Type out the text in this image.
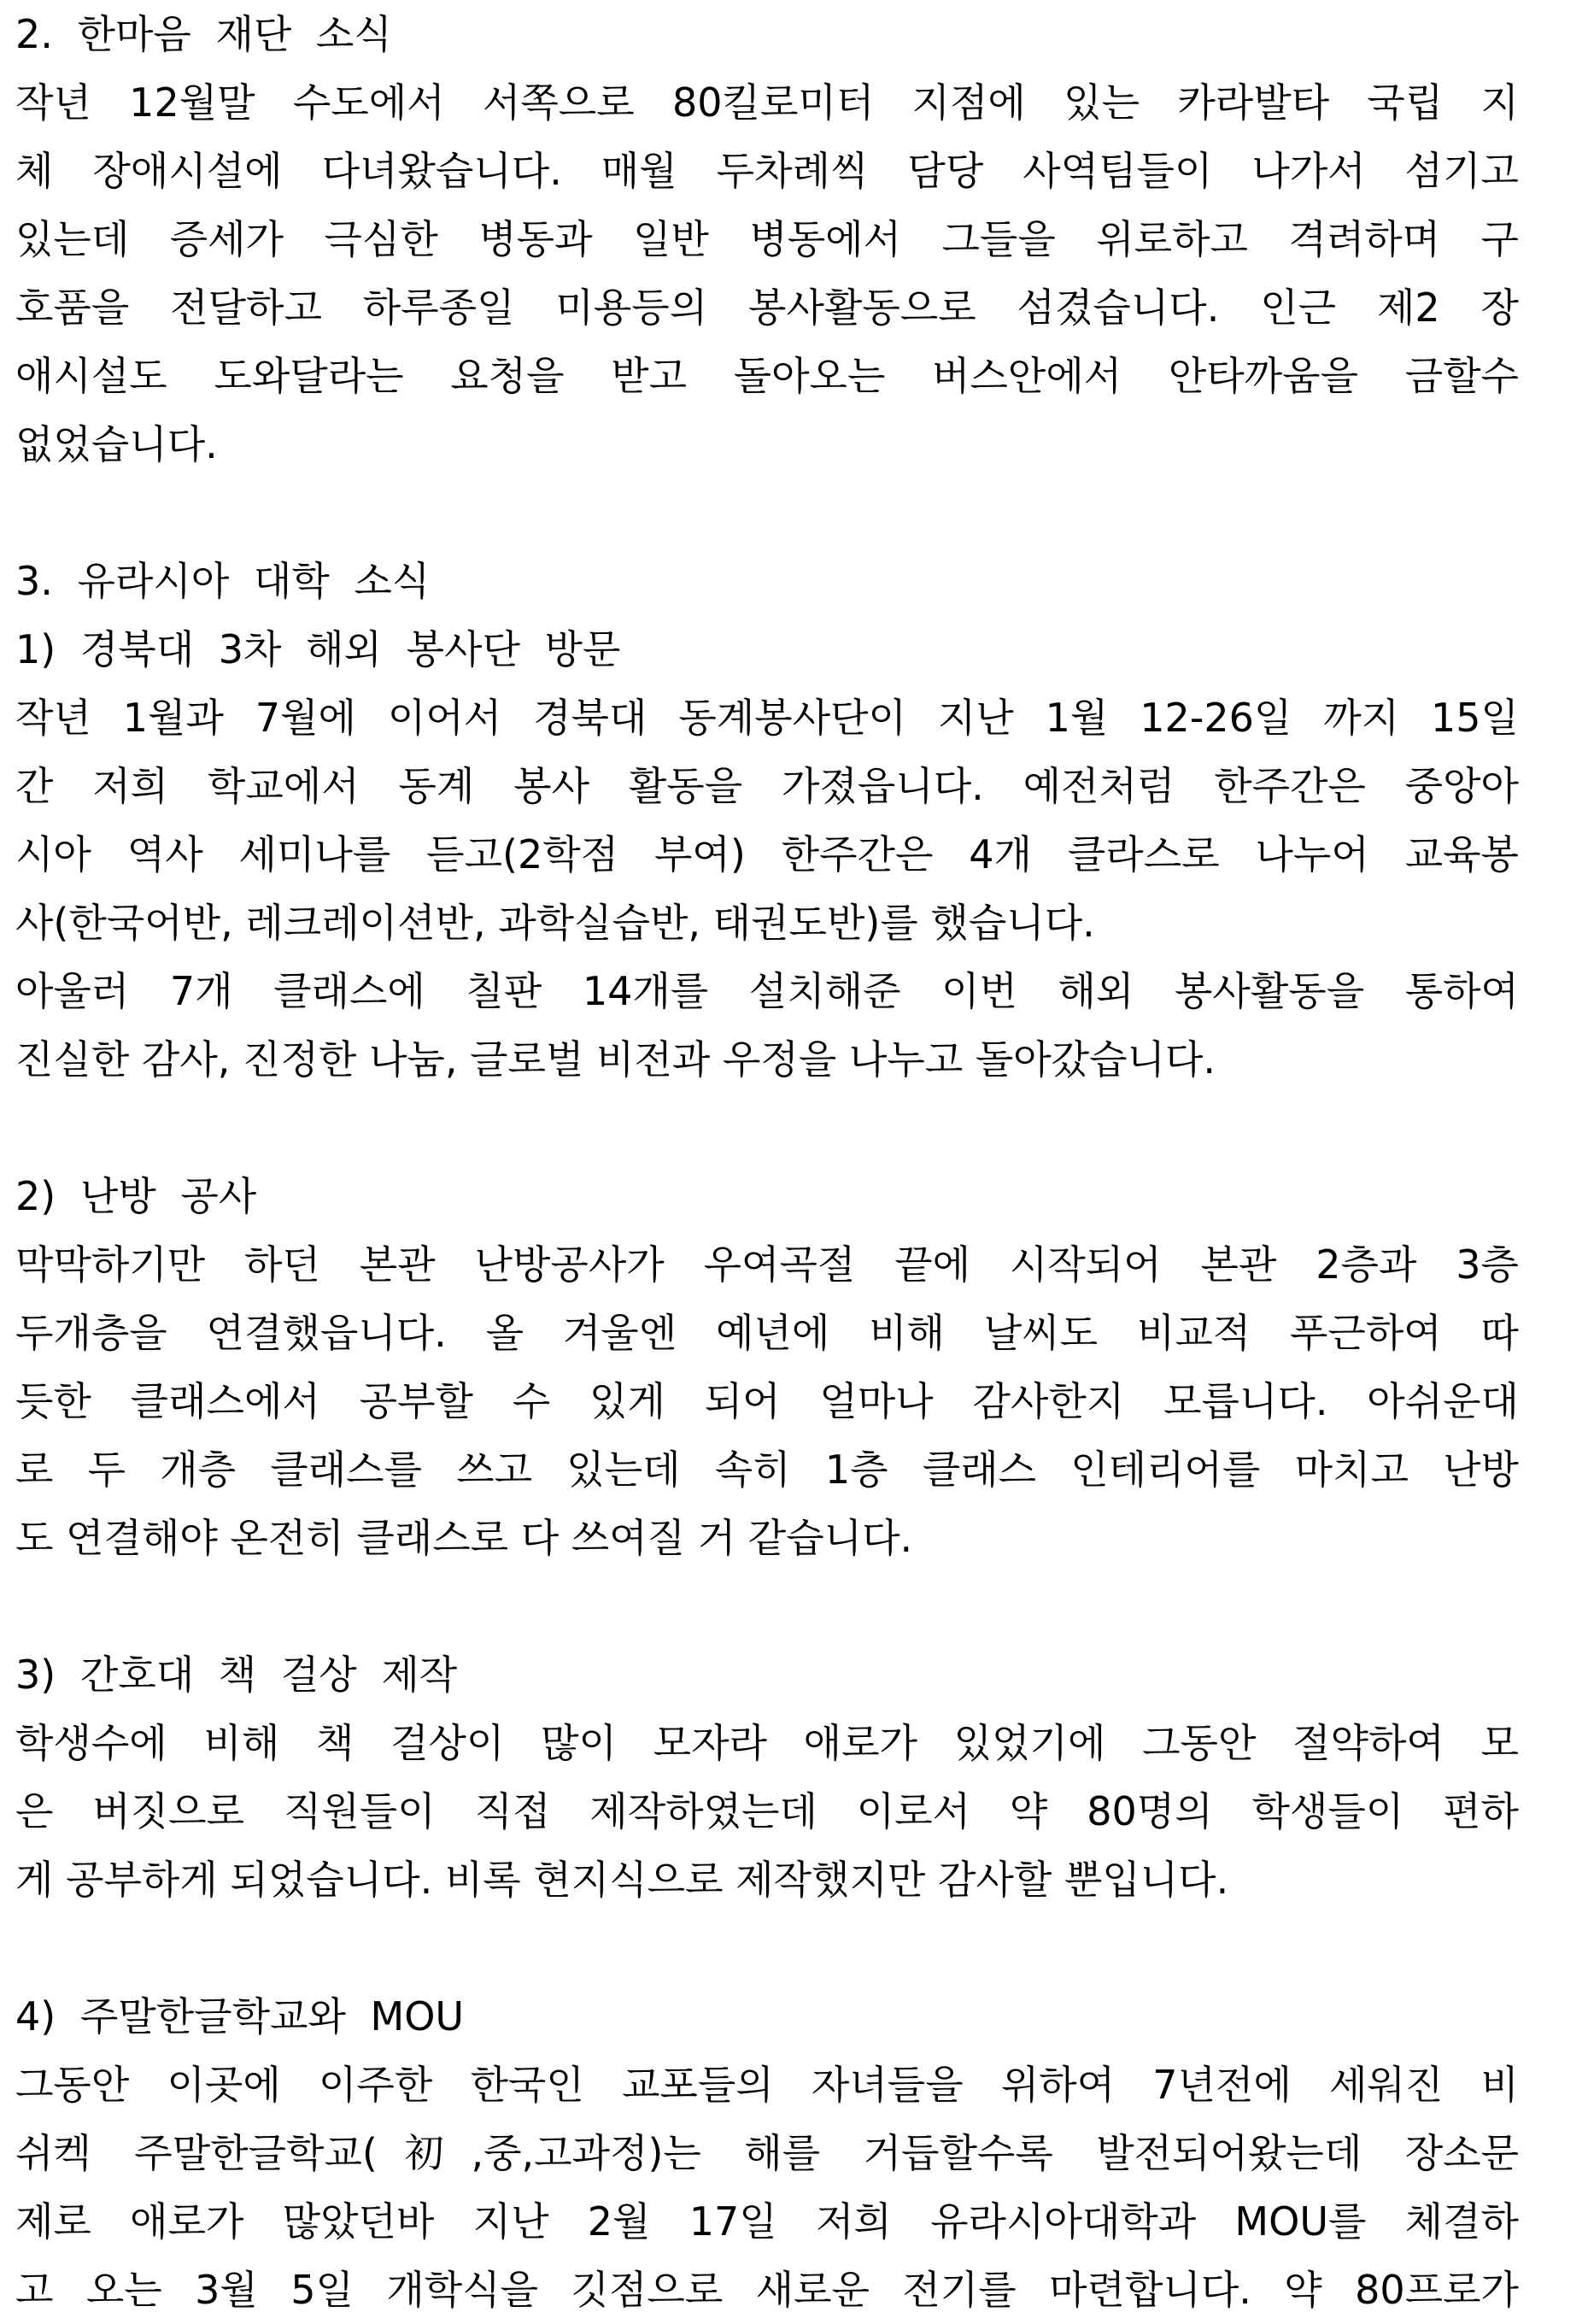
2. 한마음 재단 소식
작년 12월말 수도에서 서쪽으로 80킬로미터 지점에 있는 카라발타 국립 지
체 장애시설에 다녀왔습니다. 매월 두차례씩 담당 사역팀들이 나가서 섬기고
있는데 증세가 극심한 병동과 일반 병동에서 그들을 위로하고 격려하며 구
호품을 전달하고 하루종일 미용등의 봉사활동으로 섬겼습니다. 인근 제2 장
애시설도 도와달라는 요청을 받고 돌아오는 버스안에서 안타까움을 금할수
없었습니다.
3. 유라시아 대학 소식
1) 경북대 3차 해외 봉사단 방문
작년 1월과 7월에 이어서 경북대 동계봉사단이 지난 1월 12-26일 까지 15일
간 저희 학교에서 동계 봉사 활동을 가졌읍니다. 예전처럼 한주간은 중앙아
시아 역사 세미나를 듣고(2학점 부여) 한주간은 4개 클라스로 나누어 교육봉
사(한국어반, 레크레이션반, 과학실습반, 태권도반)를 했습니다.
아울러 7개 클래스에 칠판 14개를 설치해준 이번 해외 봉사활동을 통하여
진실한 감사, 진정한 나눔, 글로벌 비전과 우정을 나누고 돌아갔습니다.
2) 난방 공사
막막하기만 하던 본관 난방공사가 우여곡절 끝에 시작되어 본관 2층과 3층
두개층을 연결했읍니다. 올 겨울엔 예년에 비해 날씨도 비교적 푸근하여 따
듯한 클래스에서 공부할 수 있게 되어 얼마나 감사한지 모릅니다. 아쉬운대
로 두 개층 클래스를 쓰고 있는데 속히 1층 클래스 인테리어를 마치고 난방
도 연결해야 온전히 클래스로 다 쓰여질 거 같습니다.
3) 간호대 책 걸상 제작
학생수에 비해 책 걸상이 많이 모자라 애로가 있었기에 그동안 절약하여 모
은 버짓으로 직원들이 직접 제작하였는데 이로서 약 80명의 학생들이 편하
게 공부하게 되었습니다. 비록 현지식으로 제작했지만 감사할 뿐입니다.
4) 주말한글학교와 MOU
그동안 이곳에 이주한 한국인 교포들의 자녀들을 위하여 7년전에 세워진 비
쉬켁 주말한글학교(初,중,고과정)는 해를 거듭할수록 발전되어왔는데 장소문
제로 애로가 많았던바 지난 2월 17일 저희 유라시아대학과 MOU를 체결하
고 오는 3월 5일 개학식을 깃점으로 새로운 전기를 마련합니다. 약 80프로가
